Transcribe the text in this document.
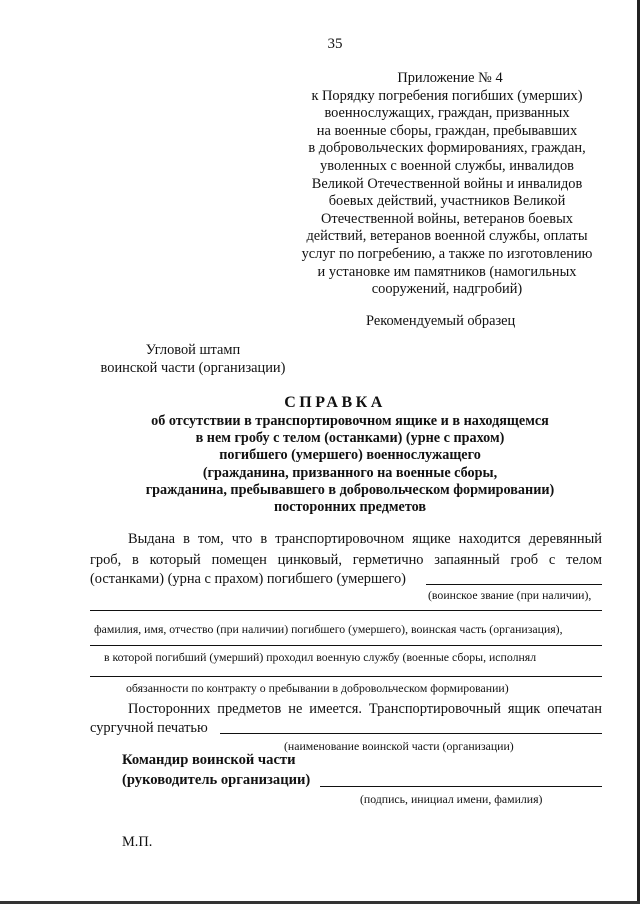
35
Приложение № 4
к Порядку погребения погибших (умерших)
военнослужащих, граждан, призванных
на военные сборы, граждан, пребывавших
в добровольческих формированиях, граждан,
уволенных с военной службы, инвалидов
Великой Отечественной войны и инвалидов
боевых действий, участников Великой
Отечественной войны, ветеранов боевых
действий, ветеранов военной службы, оплаты
услуг по погребению, а также по изготовлению
и установке им памятников (намогильных
сооружений, надгробий)
Рекомендуемый образец
Угловой штамп
воинской части (организации)
СПРАВКА
об отсутствии в транспортировочном ящике и в находящемся
в нем гробу с телом (останками) (урне с прахом)
погибшего (умершего) военнослужащего
(гражданина, призванного на военные сборы,
гражданина, пребывавшего в добровольческом формировании)
посторонних предметов
Выдана в том, что в транспортировочном ящике находится деревянный
гроб, в который помещен цинковый, герметично запаянный гроб с телом
(останками) (урна с прахом) погибшего (умершего)
(воинское звание (при наличии),
фамилия, имя, отчество (при наличии) погибшего (умершего), воинская часть (организация),
в которой погибший (умерший) проходил военную службу (военные сборы, исполнял
обязанности по контракту о пребывании в добровольческом формировании)
Посторонних предметов не имеется. Транспортировочный ящик опечатан
сургучной печатью
(наименование воинской части (организации)
Командир воинской части
(руководитель организации)
(подпись, инициал имени, фамилия)
М.П.
